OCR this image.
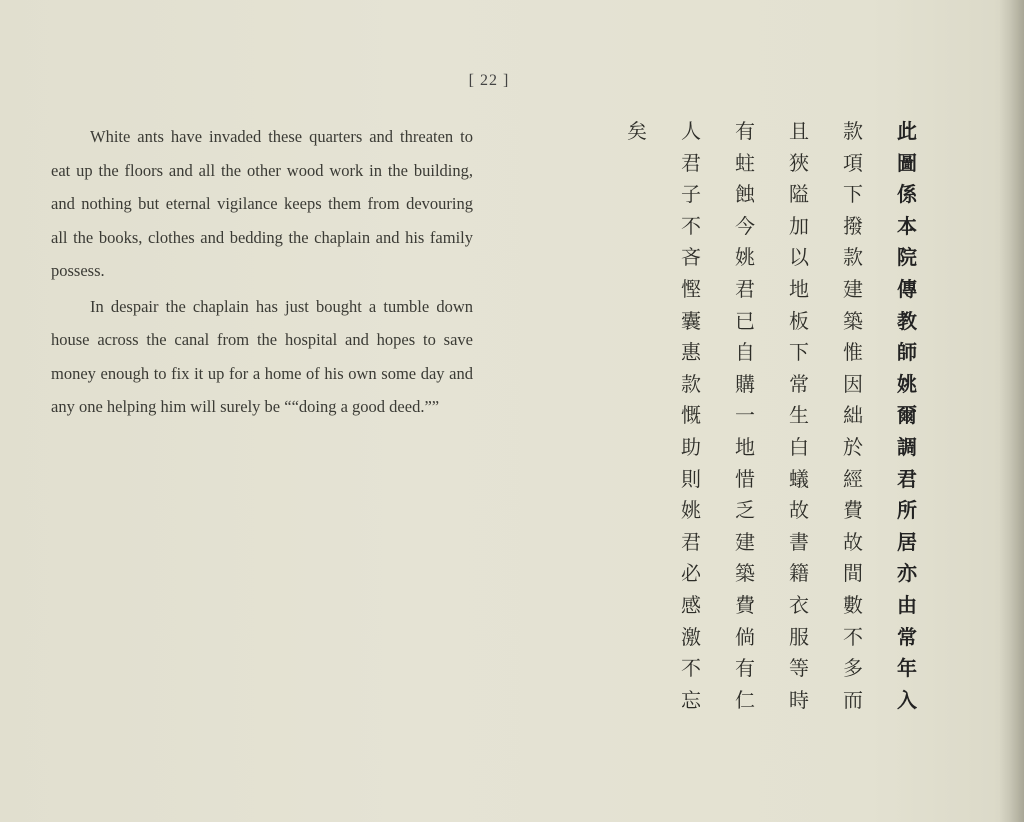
[ 22 ]

White ants have invaded these quarters and threaten to eat up the floors and all the other wood work in the building, and nothing but eternal vigilance keeps them from devouring all the books, clothes and bedding the chaplain and his family possess.

In despair the chaplain has just bought a tumble down house across the canal from the hospital and hopes to save money enough to fix it up for a home of his own some day and any one helping him will surely be ““doing a good deed.””

此
圖
係
本
院
傳
教
師
姚
爾
調
君
所
居
亦
由
常
年
入
款
項
下
撥
款
建
築
惟
因
絀
於
經
費
故
間
數
不
多
而
且
狹
隘
加
以
地
板
下
常
生
白
蟻
故
書
籍
衣
服
等
時
有
蛀
蝕
今
姚
君
已
自
購
一
地
惜
乏
建
築
費
倘
有
仁
人
君
子
不
吝
慳
囊
惠
款
慨
助
則
姚
君
必
感
激
不
忘
矣
